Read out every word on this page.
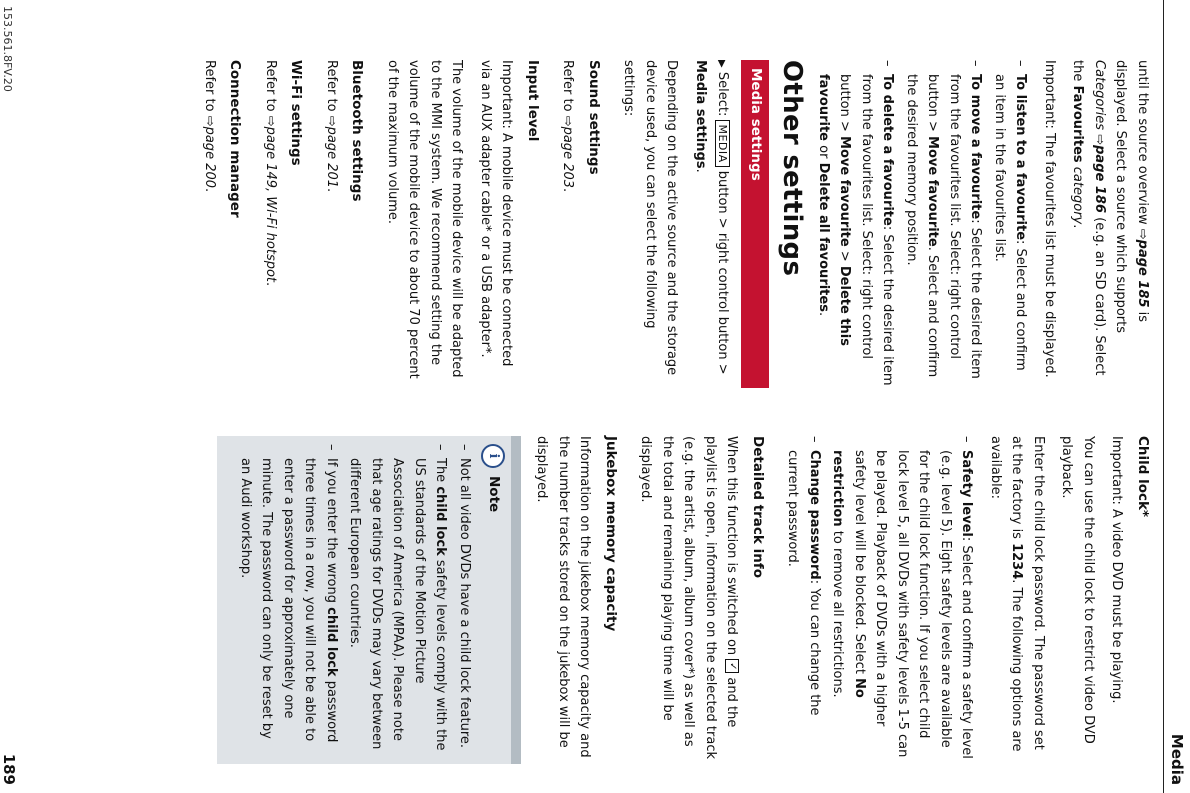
Media

until the source overview ⇨page 185 is displayed. Select a source which supports Categories ⇨page 186 (e.g. an SD card). Select the Favourites category.

Important: The favourites list must be displayed.

– To listen to a favourite: Select and confirm an item in the favourites list.
– To move a favourite: Select the desired item from the favourites list. Select: right control button > Move favourite. Select and confirm the desired memory position.
– To delete a favourite: Select the desired item from the favourites list. Select: right control button > Move favourite > Delete this favourite or Delete all favourites.
Other settings
Media settings

▶ Select: MEDIA button > right control button > Media settings.

Depending on the active source and the storage device used, you can select the following settings:

Sound settings

Refer to ⇨page 203.

Input level

Important: A mobile device must be connected via an AUX adapter cable* or a USB adapter*.

The volume of the mobile device will be adapted to the MMI system. We recommend setting the volume of the mobile device to about 70 percent of the maximum volume.

Bluetooth settings

Refer to ⇨page 201.

Wi-Fi settings

Refer to ⇨page 149, Wi-Fi hotspot.

Connection manager

Refer to ⇨page 200.

Child lock*

Important: A video DVD must be playing.

You can use the child lock to restrict video DVD playback.

Enter the child lock password. The password set at the factory is 1234. The following options are available:

– Safety level: Select and confirm a safety level (e.g. level 5). Eight safety levels are available for the child lock function. If you select child lock level 5, all DVDs with safety levels 1-5 can be played. Playback of DVDs with a higher safety level will be blocked. Select No restriction to remove all restrictions.
– Change password: You can change the current password.
Detailed track info

When this function is switched on ✓ and the playlist is open, information on the selected track (e.g. the artist, album, album cover*) as well as the total and remaining playing time will be displayed.

Jukebox memory capacity

Information on the jukebox memory capacity and the number tracks stored on the jukebox will be displayed.

i
Note
– Not all video DVDs have a child lock feature.
– The child lock safety levels comply with the US standards of the Motion Picture Association of America (MPAA). Please note that age ratings for DVDs may vary between different European countries.
– If you enter the wrong child lock password three times in a row, you will not be able to enter a password for approximately one minute. The password can only be reset by an Audi workshop.
189
153.561.8FV.20
